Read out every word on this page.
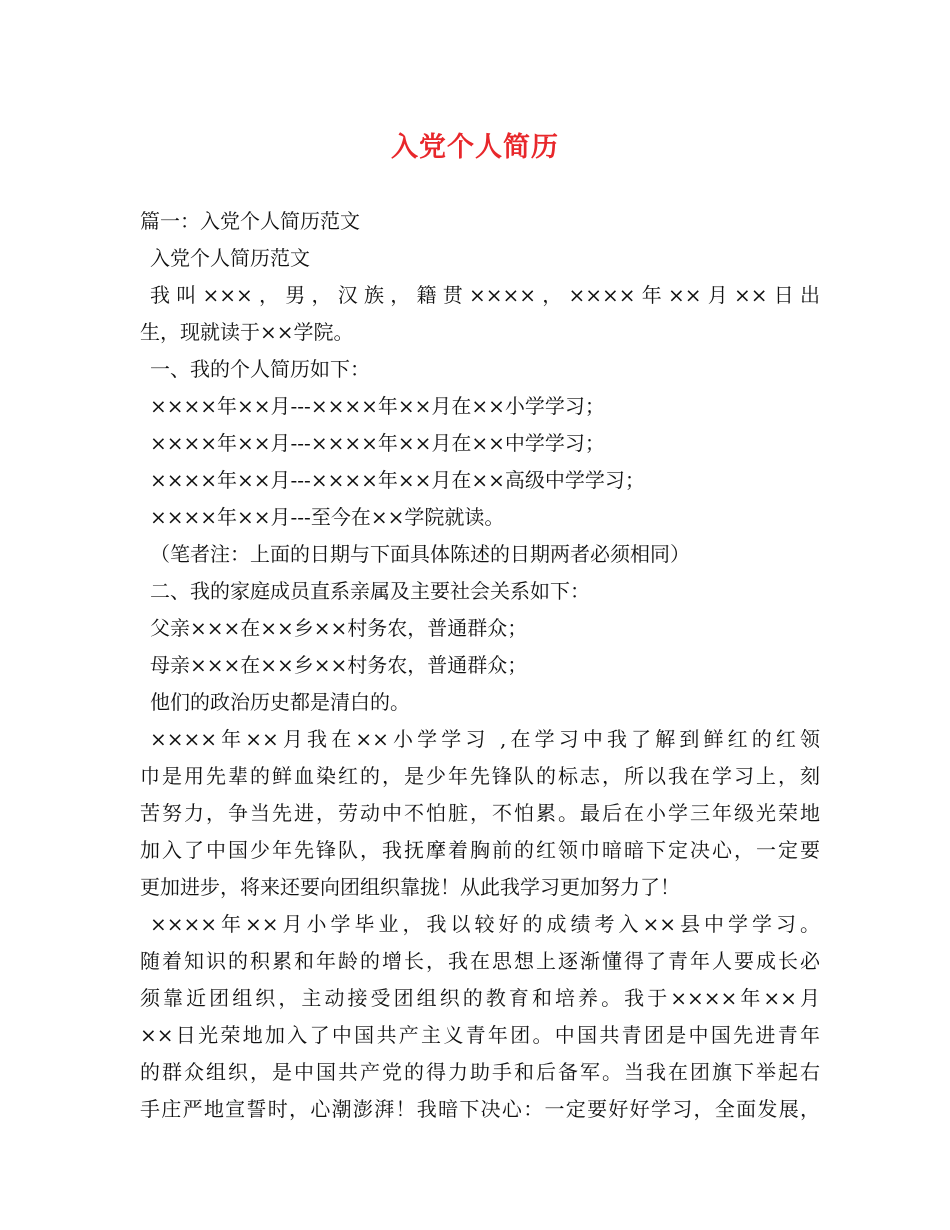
入党个人简历
篇一：入党个人简历范文
入党个人简历范文
我叫×××，男，汉族，籍贯××××，××××年××月××日出
生，现就读于××学院。
一、我的个人简历如下：
××××年××月---××××年××月在××小学学习；
××××年××月---××××年××月在××中学学习；
××××年××月---××××年××月在××高级中学学习；
××××年××月---至今在××学院就读。
（笔者注：上面的日期与下面具体陈述的日期两者必须相同）
二、我的家庭成员直系亲属及主要社会关系如下：
父亲×××在××乡××村务农，普通群众；
母亲×××在××乡××村务农，普通群众；
他们的政治历史都是清白的。
××××年××月我在××小学学习 ,在学习中我了解到鲜红的红领
巾是用先辈的鲜血染红的，是少年先锋队的标志，所以我在学习上，刻
苦努力，争当先进，劳动中不怕脏，不怕累。最后在小学三年级光荣地
加入了中国少年先锋队，我抚摩着胸前的红领巾暗暗下定决心，一定要
更加进步，将来还要向团组织靠拢！从此我学习更加努力了！
××××年××月小学毕业，我以较好的成绩考入××县中学学习。
随着知识的积累和年龄的增长，我在思想上逐渐懂得了青年人要成长必
须靠近团组织，主动接受团组织的教育和培养。我于××××年××月
××日光荣地加入了中国共产主义青年团。中国共青团是中国先进青年
的群众组织，是中国共产党的得力助手和后备军。当我在团旗下举起右
手庄严地宣誓时，心潮澎湃！我暗下决心：一定要好好学习，全面发展，
